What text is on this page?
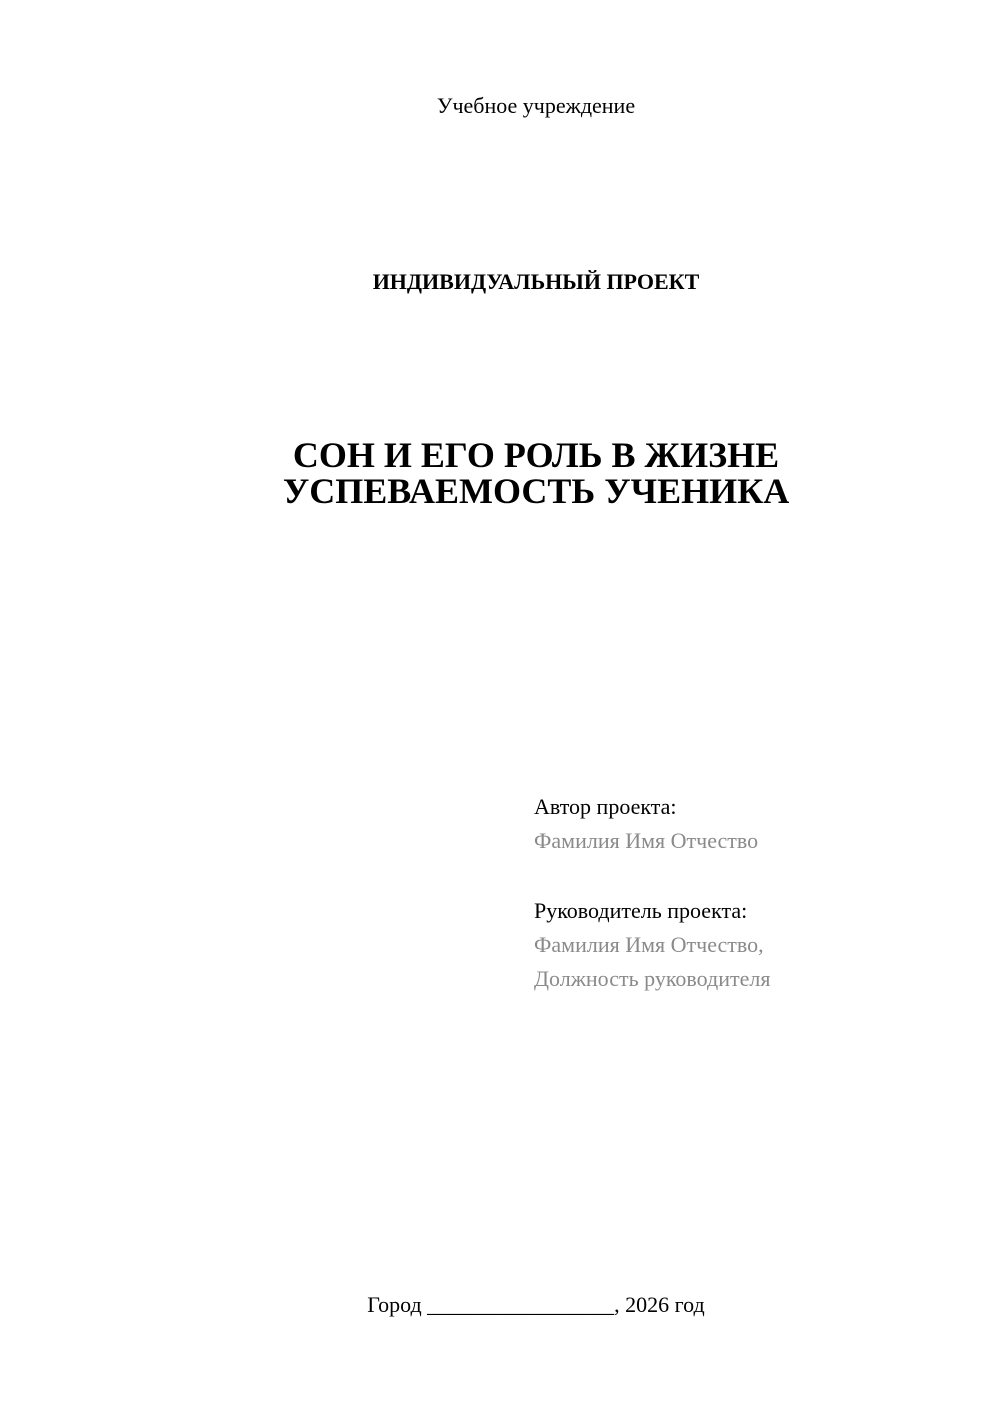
Учебное учреждение
ИНДИВИДУАЛЬНЫЙ ПРОЕКТ
СОН И ЕГО РОЛЬ В ЖИЗНЕ
УСПЕВАЕМОСТЬ УЧЕНИКА
Автор проекта:
Фамилия Имя Отчество
Руководитель проекта:
Фамилия Имя Отчество,
Должность руководителя
Город _________________, 2026 год
